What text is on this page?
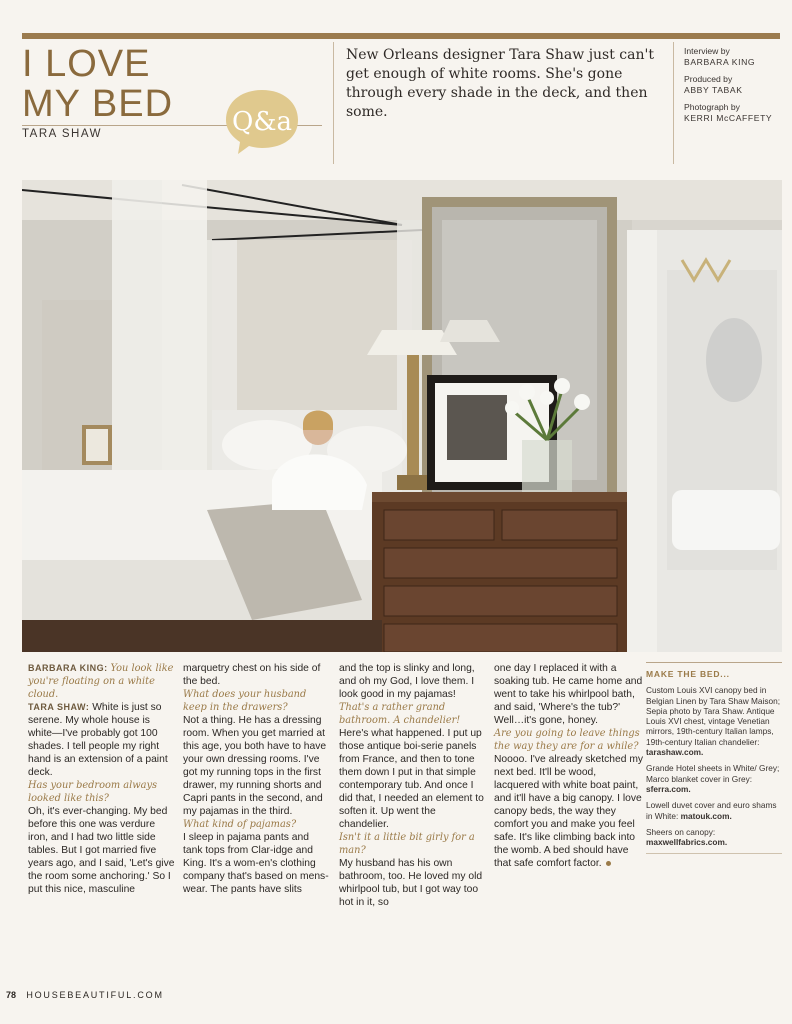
I LOVE
MY BED
TARA SHAW	Q&a

New Orleans designer Tara Shaw just can't get enough of white rooms. She's gone through every shade in the deck, and then some.

Interview by
BARBARA KING
Produced by
ABBY TABAK
Photograph by
KERRI McCAFFETY

BARBARA KING: You look like you're floating on a white cloud.

TARA SHAW: White is just so serene. My whole house is white—I've probably got 100 shades. I tell people my right hand is an extension of a paint deck.

Has your bedroom always looked like this?

Oh, it's ever-changing. My bed before this one was verdure iron, and I had two little side tables. But I got married five years ago, and I said, 'Let's give the room some anchoring.' So I put this nice, masculine

marquetry chest on his side of the bed.

What does your husband keep in the drawers?

Not a thing. He has a dressing room. When you get married at this age, you both have to have your own dressing rooms. I've got my running tops in the first drawer, my running shorts and Capri pants in the second, and my pajamas in the third.

What kind of pajamas?

I sleep in pajama pants and tank tops from Clar-idge and King. It's a wom-en's clothing company that's based on mens-wear. The pants have slits

and the top is slinky and long, and oh my God, I love them. I look good in my pajamas!

That's a rather grand bathroom. A chandelier!

Here's what happened. I put up those antique boi-serie panels from France, and then to tone them down I put in that simple contemporary tub. And once I did that, I needed an element to soften it. Up went the chandelier.

Isn't it a little bit girly for a man?

My husband has his own bathroom, too. He loved my old whirlpool tub, but I got way too hot in it, so

one day I replaced it with a soaking tub. He came home and went to take his whirlpool bath, and said, 'Where's the tub?' Well…it's gone, honey.

Are you going to leave things the way they are for a while?

Noooo. I've already sketched my next bed. It'll be wood, lacquered with white boat paint, and it'll have a big canopy. I love canopy beds, the way they comfort you and make you feel safe. It's like climbing back into the womb. A bed should have that safe comfort factor.

MAKE THE BED...
Custom Louis XVI canopy bed in Belgian Linen by Tara Shaw Maison; Sepia photo by Tara Shaw. Antique Louis XVI chest, vintage Venetian mirrors, 19th-century Italian lamps, 19th-century Italian chandelier: tarashaw.com.
Grande Hotel sheets in White/ Grey; Marco blanket cover in Grey: sferra.com.
Lowell duvet cover and euro shams in White: matouk.com.
Sheers on canopy:
maxwellfabrics.com.
78 HOUSEBEAUTIFUL.COM
